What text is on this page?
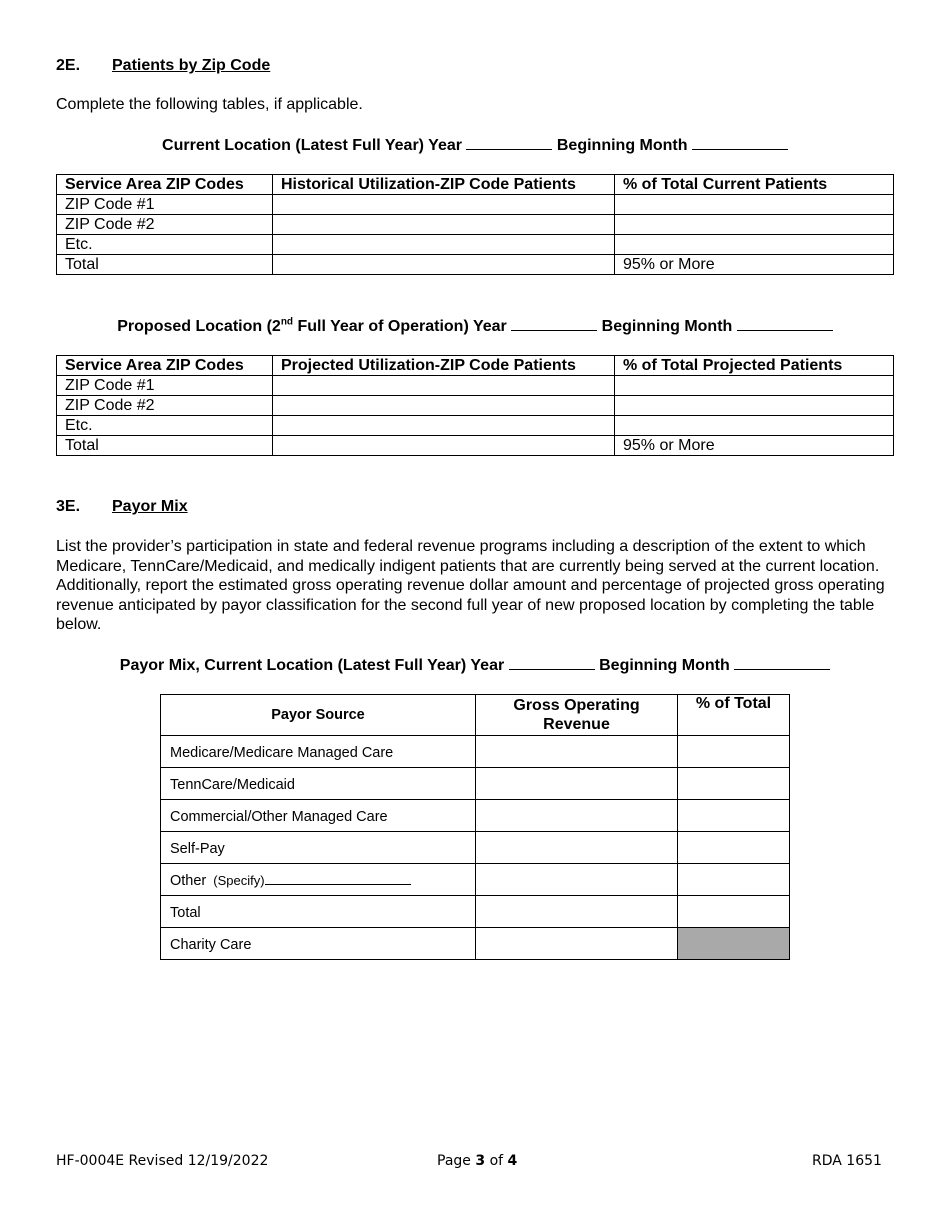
2E. Patients by Zip Code
Complete the following tables, if applicable.
Current Location (Latest Full Year) Year	Beginning Month
Service Area ZIP Codes	Historical Utilization-ZIP Code Patients	% of Total Current Patients
ZIP Code #1		
ZIP Code #2		
Etc.		
Total		95% or More
Proposed Location (2nd Full Year of Operation) Year	Beginning Month
Service Area ZIP Codes	Projected Utilization-ZIP Code Patients	% of Total Projected Patients
ZIP Code #1		
ZIP Code #2		
Etc.		
Total		95% or More
3E. Payor Mix
List the provider’s participation in state and federal revenue programs including a description of the extent to which Medicare, TennCare/Medicaid, and medically indigent patients that are currently being served at the current location. Additionally, report the estimated gross operating revenue dollar amount and percentage of projected gross operating revenue anticipated by payor classification for the second full year of new proposed location by completing the table below.
Payor Mix, Current Location (Latest Full Year) Year	Beginning Month
Payor Source	Gross Operating Revenue	% of Total
Medicare/Medicare Managed Care		
TennCare/Medicaid		
Commercial/Other Managed Care		
Self-Pay		
Other (Specify)		
Total		
Charity Care		
HF-0004E Revised 12/19/2022	Page 3 of 4	RDA 1651
